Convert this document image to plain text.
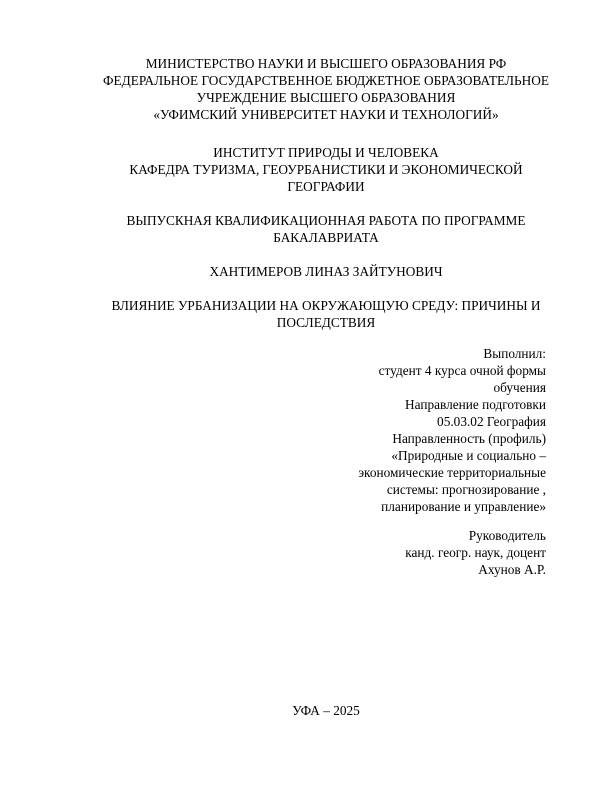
МИНИСТЕРСТВО НАУКИ И ВЫСШЕГО ОБРАЗОВАНИЯ РФ
ФЕДЕРАЛЬНОЕ ГОСУДАРСТВЕННОЕ БЮДЖЕТНОЕ ОБРАЗОВАТЕЛЬНОЕ
УЧРЕЖДЕНИЕ ВЫСШЕГО ОБРАЗОВАНИЯ
«УФИМСКИЙ УНИВЕРСИТЕТ НАУКИ И ТЕХНОЛОГИЙ»
ИНСТИТУТ ПРИРОДЫ И ЧЕЛОВЕКА
КАФЕДРА ТУРИЗМА, ГЕОУРБАНИСТИКИ И ЭКОНОМИЧЕСКОЙ
ГЕОГРАФИИ
ВЫПУСКНАЯ КВАЛИФИКАЦИОННАЯ РАБОТА ПО ПРОГРАММЕ
БАКАЛАВРИАТА
ХАНТИМЕРОВ ЛИНАЗ ЗАЙТУНОВИЧ
ВЛИЯНИЕ УРБАНИЗАЦИИ НА ОКРУЖАЮЩУЮ СРЕДУ: ПРИЧИНЫ И
ПОСЛЕДСТВИЯ
Выполнил:
студент 4 курса очной формы
обучения
Направление подготовки
05.03.02 География
Направленность (профиль)
«Природные и социально –
экономические территориальные
системы: прогнозирование ,
планирование и управление»
Руководитель
канд. геогр. наук, доцент
Ахунов А.Р.
УФА – 2025
